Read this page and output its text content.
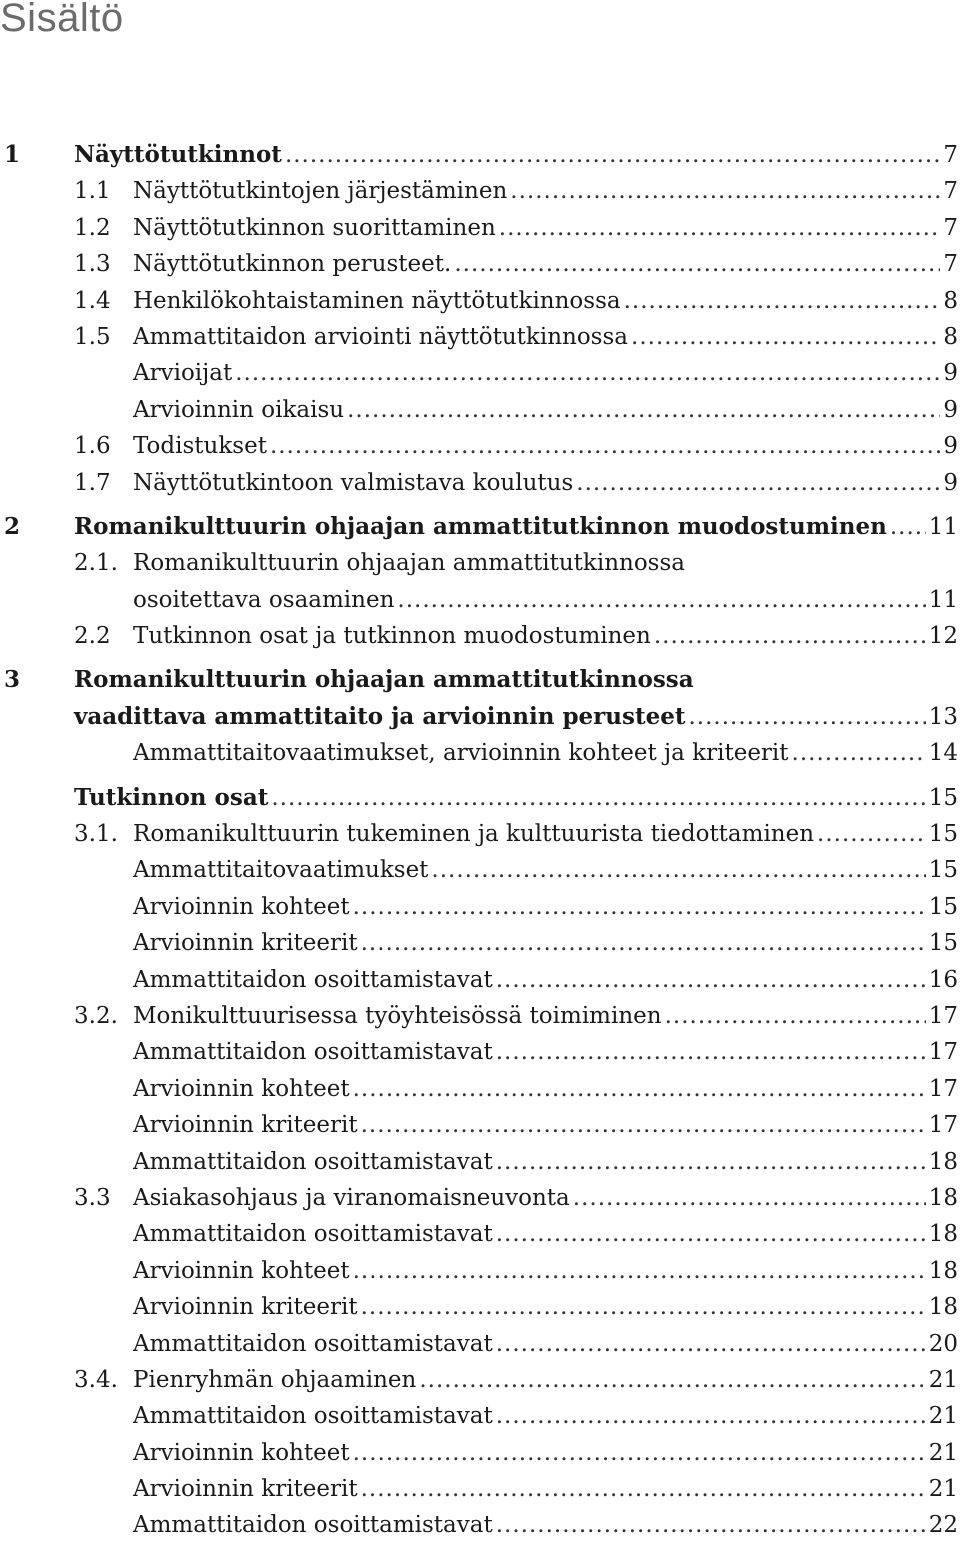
Sisältö
1 Näyttötutkinnot .....	7
1.1 Näyttötutkintojen järjestäminen .....	7
1.2 Näyttötutkinnon suorittaminen .....	7
1.3 Näyttötutkinnon perusteet. .....	7
1.4 Henkilökohtaistaminen näyttötutkinnossa .....	8
1.5 Ammattitaidon arviointi näyttötutkinnossa .....	8
Arvioijat .....	9
Arvioinnin oikaisu .....	9
1.6 Todistukset .....	9
1.7 Näyttötutkintoon valmistava koulutus .....	9
2 Romanikulttuurin ohjaajan ammattitutkinnon muodostuminen ..... 11
2.1. Romanikulttuurin ohjaajan ammattitutkinnossa
osoitettava osaaminen .....	11
2.2 Tutkinnon osat ja tutkinnon muodostuminen .....	12
3 Romanikulttuurin ohjaajan ammattitutkinnossa
vaadittava ammattitaito ja arvioinnin perusteet .....	13
Ammattitaitovaatimukset, arvioinnin kohteet ja kriteerit .....	14
Tutkinnon osat .....	15
3.1. Romanikulttuurin tukeminen ja kulttuurista tiedottaminen .....	15
Ammattitaitovaatimukset .....	15
Arvioinnin kohteet .....	15
Arvioinnin kriteerit .....	15
Ammattitaidon osoittamistavat .....	16
3.2. Monikulttuurisessa työyhteisössä toimiminen .....	17
Ammattitaidon osoittamistavat .....	17
Arvioinnin kohteet .....	17
Arvioinnin kriteerit .....	17
Ammattitaidon osoittamistavat .....	18
3.3 Asiakasohjaus ja viranomaisneuvonta .....	18
Ammattitaidon osoittamistavat .....	18
Arvioinnin kohteet .....	18
Arvioinnin kriteerit .....	18
Ammattitaidon osoittamistavat .....	20
3.4. Pienryhmän ohjaaminen .....	21
Ammattitaidon osoittamistavat .....	21
Arvioinnin kohteet .....	21
Arvioinnin kriteerit .....	21
Ammattitaidon osoittamistavat .....	22
